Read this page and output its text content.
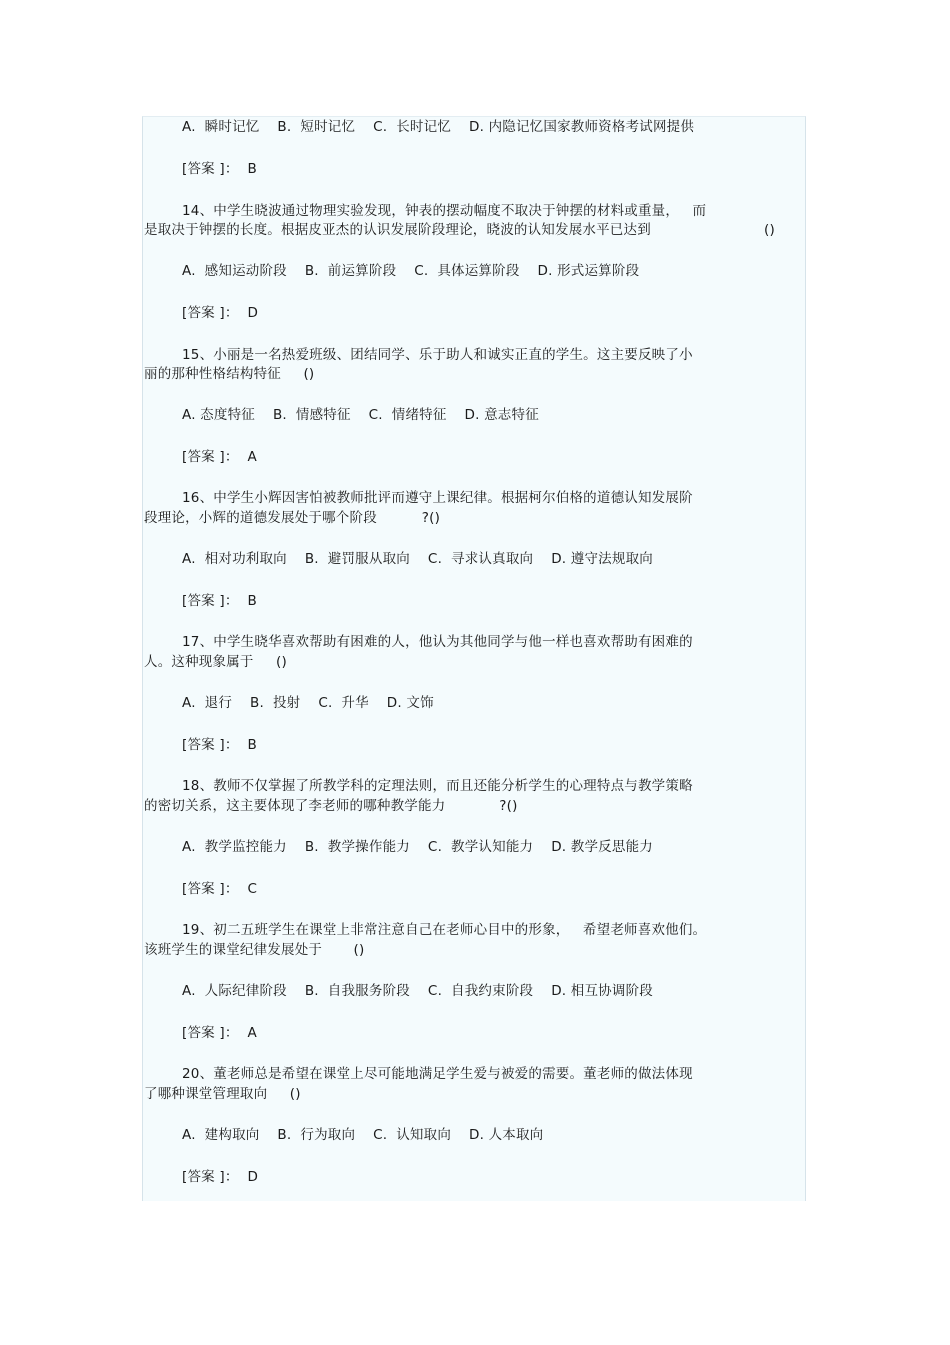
A.  瞬时记忆    B.  短时记忆    C.  长时记忆    D. 内隐记忆国家教师资格考试网提供
[答案 ]：  B
14、中学生晓波通过物理实验发现，钟表的摆动幅度不取决于钟摆的材料或重量，   而
是取决于钟摆的长度。根据皮亚杰的认识发展阶段理论，晓波的认知发展水平已达到	()
A.  感知运动阶段    B.  前运算阶段    C.  具体运算阶段    D. 形式运算阶段
[答案 ]：  D
15、小丽是一名热爱班级、团结同学、乐于助人和诚实正直的学生。这主要反映了小
丽的那种性格结构特征     ()
A. 态度特征    B.  情感特征    C.  情绪特征    D. 意志特征
[答案 ]：  A
16、中学生小辉因害怕被教师批评而遵守上课纪律。根据柯尔伯格的道德认知发展阶
段理论，小辉的道德发展处于哪个阶段          ?()
A.  相对功利取向    B.  避罚服从取向    C.  寻求认真取向    D. 遵守法规取向
[答案 ]：  B
17、中学生晓华喜欢帮助有困难的人，他认为其他同学与他一样也喜欢帮助有困难的
人。这种现象属于     ()
A.  退行    B.  投射    C.  升华    D. 文饰
[答案 ]：  B
18、教师不仅掌握了所教学科的定理法则，而且还能分析学生的心理特点与教学策略
的密切关系，这主要体现了李老师的哪种教学能力            ?()
A.  教学监控能力    B.  教学操作能力    C.  教学认知能力    D. 教学反思能力
[答案 ]：  C
19、初二五班学生在课堂上非常注意自己在老师心目中的形象，   希望老师喜欢他们。
该班学生的课堂纪律发展处于       ()
A.  人际纪律阶段    B.  自我服务阶段    C.  自我约束阶段    D. 相互协调阶段
[答案 ]：  A
20、董老师总是希望在课堂上尽可能地满足学生爱与被爱的需要。董老师的做法体现
了哪种课堂管理取向     ()
A.  建构取向    B.  行为取向    C.  认知取向    D. 人本取向
[答案 ]：  D
